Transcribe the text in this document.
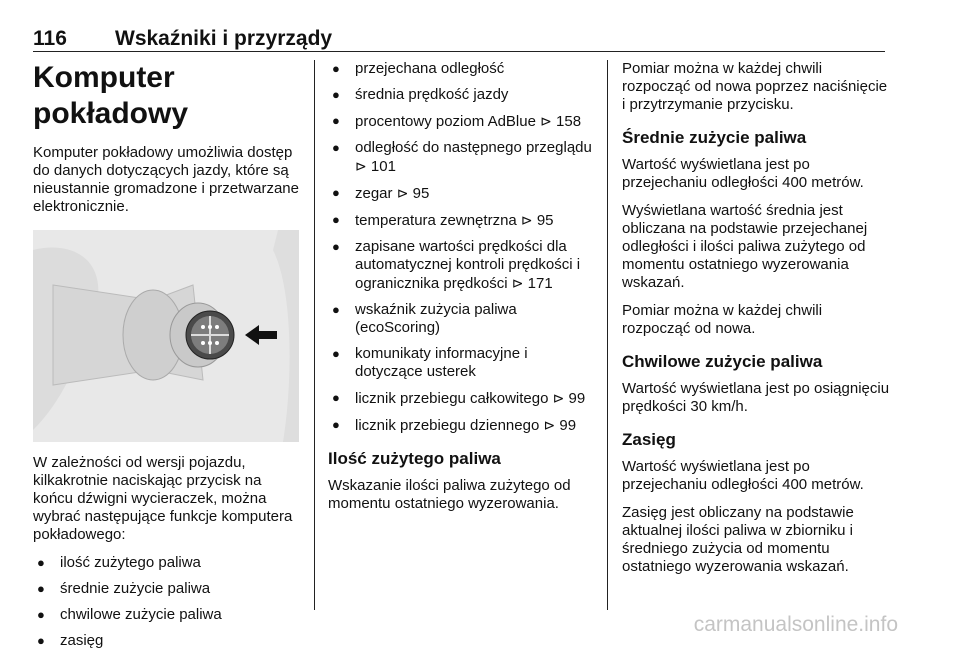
116 Wskaźniki i przyrządy
Komputer pokładowy

Komputer pokładowy umożliwia dostęp do danych dotyczących jazdy, które są nieustannie gromadzone i przetwarzane elektronicznie.

W zależności od wersji pojazdu, kilkakrotnie naciskając przycisk na końcu dźwigni wycieraczek, można wybrać następujące funkcje komputera pokładowego:

● ilość zużytego paliwa
● średnie zużycie paliwa
● chwilowe zużycie paliwa
● zasięg
● przejechana odległość
● średnia prędkość jazdy
● procentowy poziom AdBlue ⊳ 158
● odległość do następnego przeglądu ⊳ 101
● zegar ⊳ 95
● temperatura zewnętrzna ⊳ 95
● zapisane wartości prędkości dla automatycznej kontroli prędkości i ogranicznika prędkości ⊳ 171
● wskaźnik zużycia paliwa (ecoScoring)
● komunikaty informacyjne i dotyczące usterek
● licznik przebiegu całkowitego ⊳ 99
● licznik przebiegu dziennego ⊳ 99
Ilość zużytego paliwa

Wskazanie ilości paliwa zużytego od momentu ostatniego wyzerowania.

Pomiar można w każdej chwili rozpocząć od nowa poprzez naciśnięcie i przytrzymanie przycisku.

Średnie zużycie paliwa

Wartość wyświetlana jest po przejechaniu odległości 400 metrów.

Wyświetlana wartość średnia jest obliczana na podstawie przejechanej odległości i ilości paliwa zużytego od momentu ostatniego wyzerowania wskazań.

Pomiar można w każdej chwili rozpocząć od nowa.

Chwilowe zużycie paliwa

Wartość wyświetlana jest po osiągnięciu prędkości 30 km/h.

Zasięg

Wartość wyświetlana jest po przejechaniu odległości 400 metrów.

Zasięg jest obliczany na podstawie aktualnej ilości paliwa w zbiorniku i średniego zużycia od momentu ostatniego wyzerowania wskazań.

carmanualsonline.info
